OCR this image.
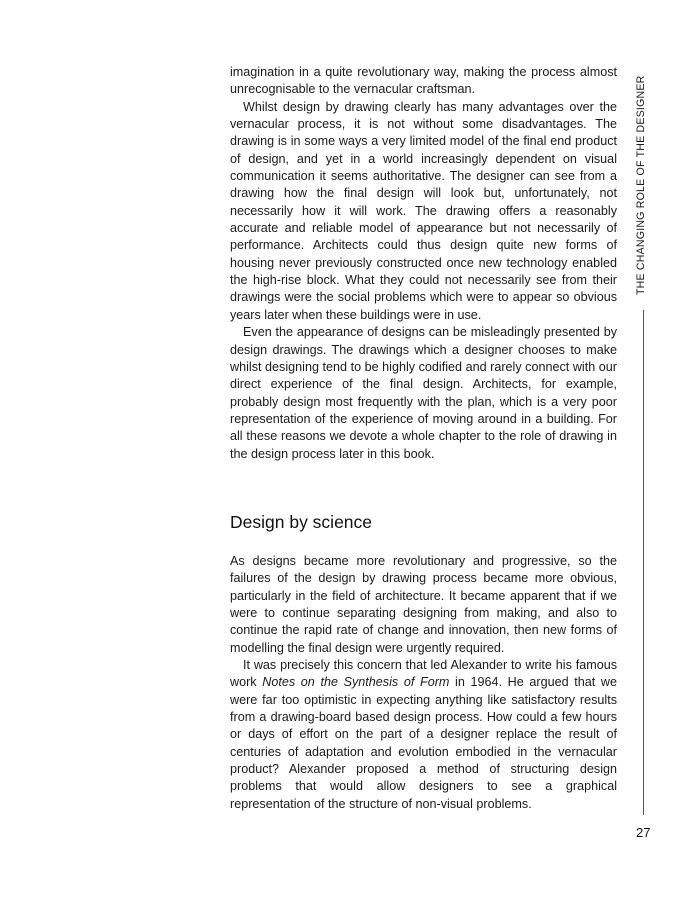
imagination in a quite revolutionary way, making the process almost unrecognisable to the vernacular craftsman.

Whilst design by drawing clearly has many advantages over the vernacular process, it is not without some disadvantages. The drawing is in some ways a very limited model of the final end product of design, and yet in a world increasingly dependent on visual communication it seems authoritative. The designer can see from a drawing how the final design will look but, unfortunately, not necessarily how it will work. The drawing offers a reasonably accurate and reliable model of appearance but not necessarily of performance. Architects could thus design quite new forms of housing never previously constructed once new technology enabled the high-rise block. What they could not necessarily see from their drawings were the social problems which were to appear so obvious years later when these buildings were in use.

Even the appearance of designs can be misleadingly presented by design drawings. The drawings which a designer chooses to make whilst designing tend to be highly codified and rarely connect with our direct experience of the final design. Architects, for example, probably design most frequently with the plan, which is a very poor representation of the experience of moving around in a building. For all these reasons we devote a whole chapter to the role of drawing in the design process later in this book.

Design by science

As designs became more revolutionary and progressive, so the failures of the design by drawing process became more obvious, particularly in the field of architecture. It became apparent that if we were to continue separating designing from making, and also to continue the rapid rate of change and innovation, then new forms of modelling the final design were urgently required.

It was precisely this concern that led Alexander to write his famous work Notes on the Synthesis of Form in 1964. He argued that we were far too optimistic in expecting anything like satisfactory results from a drawing-board based design process. How could a few hours or days of effort on the part of a designer replace the result of centuries of adaptation and evolution embodied in the vernacular product? Alexander proposed a method of structuring design problems that would allow designers to see a graphical representation of the structure of non-visual problems.

THE CHANGING ROLE OF THE DESIGNER
27
